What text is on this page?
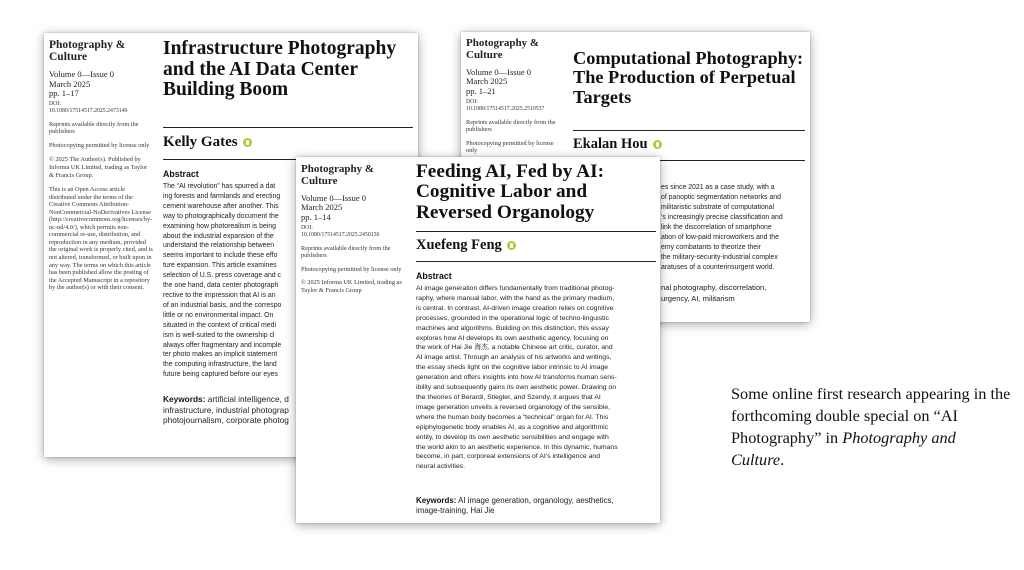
Photography & Culture
Volume 0—Issue 0
March 2025
pp. 1–17
DOI:
10.1080/17514517.2025.2473149
Reprints available directly from the publishers
Photocopying permitted by license only
© 2025 The Author(s). Published by Informa UK Limited, trading as Taylor & Francis Group.
This is an Open Access article distributed under the terms of the Creative Commons Attribution-NonCommercial-NoDerivatives License (http://creativecommons.org/licenses/by-nc-nd/4.0/), which permits non-commercial re-use, distribution, and reproduction in any medium, provided the original work is properly cited, and is not altered, transformed, or built upon in any way. The terms on which this article has been published allow the posting of the Accepted Manuscript in a repository by the author(s) or with their consent.
Infrastructure Photography and the AI Data Center Building Boom
Kelly Gates
Abstract
The “AI revolution” has spurred a dat
ing forests and farmlands and erecting
cement warehouse after another. This
way to photographically document the
examining how photorealism is being
about the industrial expansion of the
understand the relationship between
seems important to include these effo
ture expansion. This article examines
selection of U.S. press coverage and c
the one hand, data center photograph
rective to the impression that AI is an
of an industrial basis, and the correspo
little or no environmental impact. On
situated in the context of critical medi
ism is well-suited to the ownership cl
always offer fragmentary and incomple
ter photo makes an implicit statement
the computing infrastructure, the land
future being captured before our eyes
Keywords: artificial intelligence, d
infrastructure, industrial photograp
photojournalism, corporate photog
Photography & Culture
Volume 0—Issue 0
March 2025
pp. 1–21
DOI:
10.1080/17514517.2025.2510537
Reprints available directly from the publishers
Photocopying permitted by license only
Computational Photography: The Production of Perpetual Targets
Ekalan Hou
es since 2021 as a case study, with a
of panoptic segmentation networks and
militaristic substrate of computational
’s increasingly precise classification and
link the discorrelation of smartphone
ation of low-paid microworkers and the
emy combatants to theorize their
the military-security-industrial complex
aratuses of a counterinsurgent world.
nal photography, discorrelation,
urgency, AI, militarism
Photography & Culture
Volume 0—Issue 0
March 2025
pp. 1–14
DOI:
10.1080/17514517.2025.2450136
Reprints available directly from the publishers
Photocopying permitted by license only
© 2025 Informa UK Limited, trading as Taylor & Francis Group
Feeding AI, Fed by AI: Cognitive Labor and Reversed Organology
Xuefeng Feng
Abstract
AI image generation differs fundamentally from traditional photog-
raphy, where manual labor, with the hand as the primary medium,
is central. In contrast, AI-driven image creation relies on cognitive
processes, grounded in the operational logic of techno-linguistic
machines and algorithms. Building on this distinction, this essay
explores how AI develops its own aesthetic agency, focusing on
the work of Hai Jie 海杰, a notable Chinese art critic, curator, and
AI image artist. Through an analysis of his artworks and writings,
the essay sheds light on the cognitive labor intrinsic to AI image
generation and offers insights into how AI transforms human sens-
ibility and subsequently gains its own aesthetic power. Drawing on
the theories of Berardi, Stiegler, and Szendy, it argues that AI
image generation unveils a reversed organology of the sensible,
where the human body becomes a “technical” organ for AI. This
epiphylogenetic body enables AI, as a cognitive and algorithmic
entity, to develop its own aesthetic sensibilities and engage with
the world akin to an aesthetic experience. In this dynamic, humans
become, in part, corporeal extensions of AI’s intelligence and
neural activities.
Keywords: AI image generation, organology, aesthetics,
image-training, Hai Jie
Some online first research appearing in the forthcoming double special on “AI Photography” in Photography and Culture.
